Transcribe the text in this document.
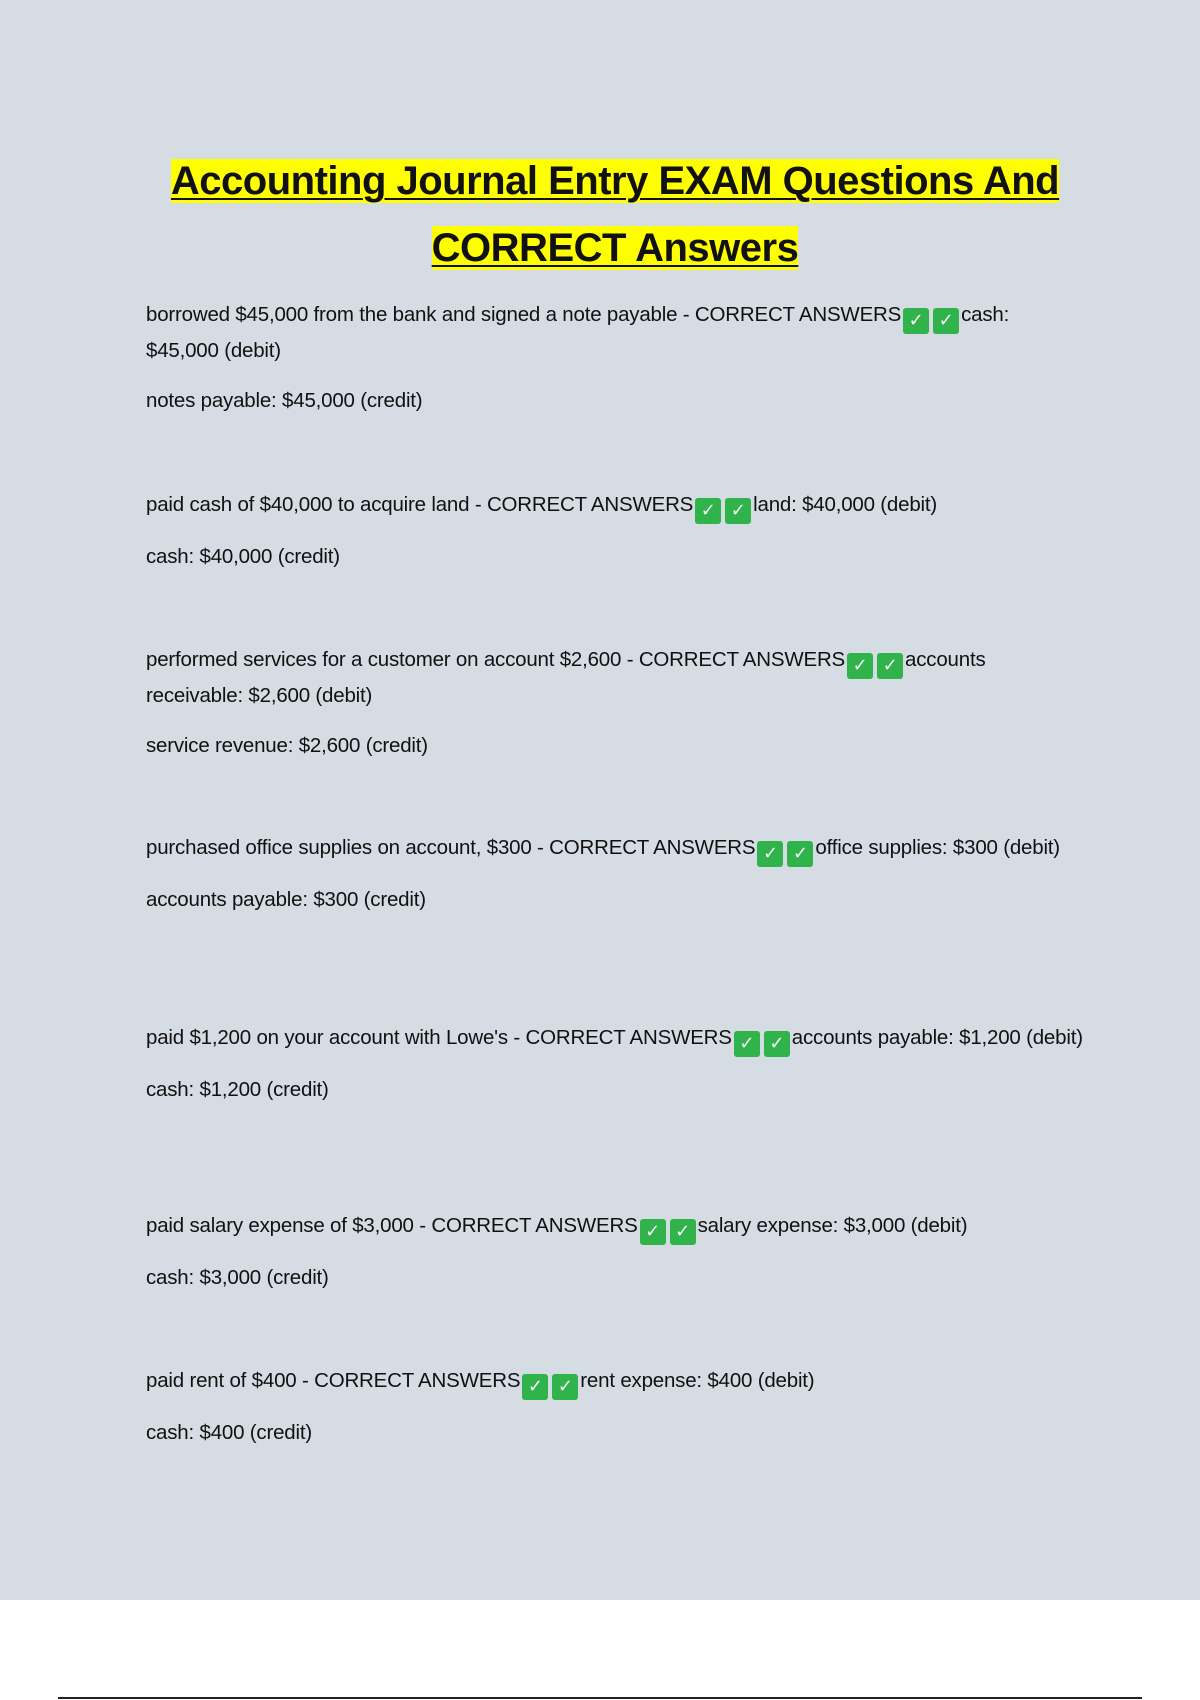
Accounting Journal Entry EXAM Questions And CORRECT Answers

borrowed $45,000 from the bank and signed a note payable - CORRECT ANSWERS ✓ ✓ cash: $45,000 (debit)

notes payable: $45,000 (credit)

paid cash of $40,000 to acquire land - CORRECT ANSWERS ✓ ✓ land: $40,000 (debit)

cash: $40,000 (credit)

performed services for a customer on account $2,600 - CORRECT ANSWERS ✓ ✓ accounts receivable: $2,600 (debit)

service revenue: $2,600 (credit)

purchased office supplies on account, $300 - CORRECT ANSWERS ✓ ✓ office supplies: $300 (debit)

accounts payable: $300 (credit)

paid $1,200 on your account with Lowe's - CORRECT ANSWERS ✓ ✓ accounts payable: $1,200 (debit)

cash: $1,200 (credit)

paid salary expense of $3,000 - CORRECT ANSWERS ✓ ✓ salary expense: $3,000 (debit)

cash: $3,000 (credit)

paid rent of $400 - CORRECT ANSWERS ✓ ✓ rent expense: $400 (debit)

cash: $400 (credit)
